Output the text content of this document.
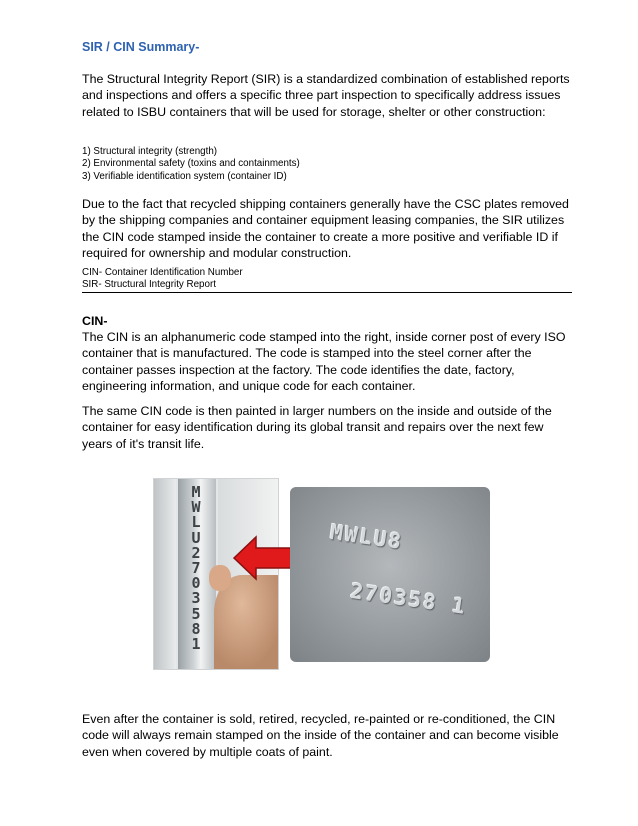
SIR / CIN Summary-
The Structural Integrity Report (SIR) is a standardized combination of established reports and inspections and offers a specific three part inspection to specifically address issues related to ISBU containers that will be used for storage, shelter or other construction:
1) Structural integrity (strength)
2) Environmental safety (toxins and containments)
3) Verifiable identification system (container ID)
Due to the fact that recycled shipping containers generally have the CSC plates removed by the shipping companies and container equipment leasing companies, the SIR utilizes the CIN code stamped inside the container to create a more positive and verifiable ID if required for ownership and modular construction.
CIN- Container Identification Number
SIR- Structural Integrity Report
CIN-
The CIN is an alphanumeric code stamped into the right, inside corner post of every ISO container that is manufactured. The code is stamped into the steel corner after the container passes inspection at the factory. The code identifies the date, factory, engineering information, and unique code for each container.
The same CIN code is then painted in larger numbers on the inside and outside of the container for easy identification during its global transit and repairs over the next few years of it's transit life.
M
W
L
U
2
7
0
3
5
8
1
MWLU8
270358 1
Even after the container is sold, retired, recycled, re-painted or re-conditioned, the CIN code will always remain stamped on the inside of the container and can become visible even when covered by multiple coats of paint.
